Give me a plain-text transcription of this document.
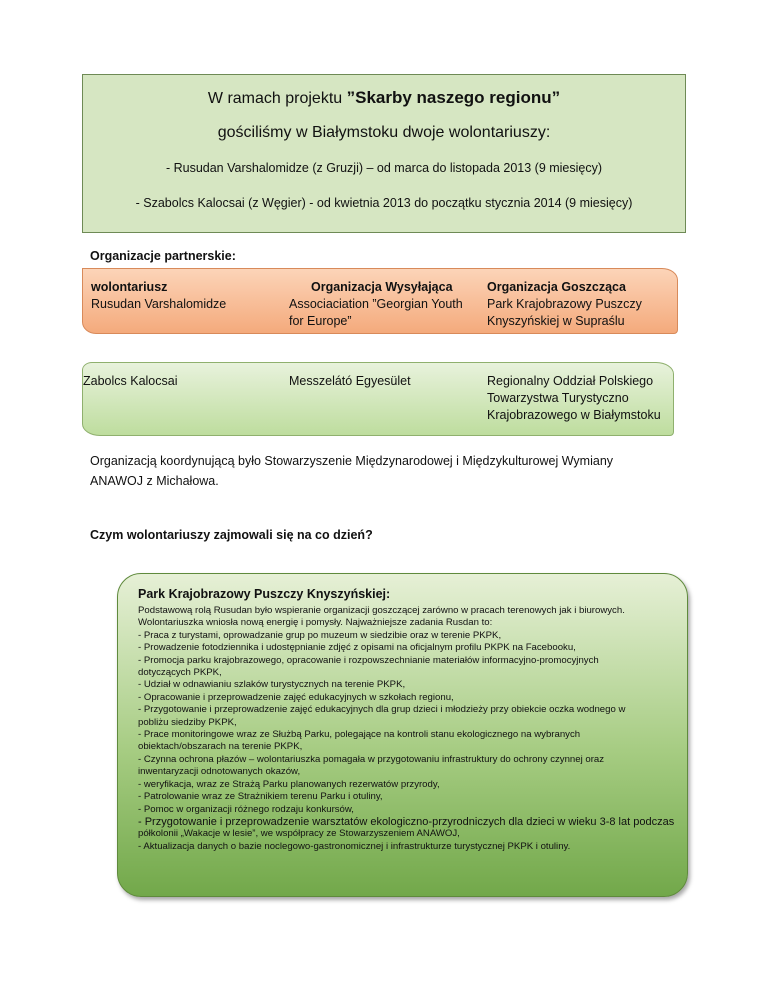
W ramach projektu ”Skarby naszego regionu”
gościliśmy w Białymstoku dwoje wolontariuszy:
- Rusudan Varshalomidze (z Gruzji) – od marca do listopada 2013 (9 miesięcy)
- Szabolcs Kalocsai (z Węgier) - od kwietnia 2013 do początku stycznia 2014 (9 miesięcy)
Organizacje partnerskie:
wolontariusz
Rusudan Varshalomidze
Organizacja Wysyłająca
Associaciation ”Georgian Youth
for Europe”
Organizacja Goszcząca
Park Krajobrazowy Puszczy
Knyszyńskiej w Supraślu
Zabolcs Kalocsai	Messzelátó Egyesület	Regionalny Oddział Polskiego
Towarzystwa Turystyczno
Krajobrazowego w Białymstoku
Organizacją koordynującą było Stowarzyszenie Międzynarodowej i Międzykulturowej Wymiany
ANAWOJ z Michałowa.
Czym wolontariuszy zajmowali się na co dzień?
Park Krajobrazowy Puszczy Knyszyńskiej:
Podstawową rolą Rusudan było wspieranie organizacji goszczącej zarówno w pracach terenowych jak i biurowych.
Wolontariuszka wniosła nową energię i pomysły. Najważniejsze zadania Rusdan to:
- Praca z turystami, oprowadzanie grup po muzeum w siedzibie oraz w terenie PKPK,
- Prowadzenie fotodziennika i udostępnianie zdjęć z opisami na oficjalnym profilu PKPK na Facebooku,
- Promocja parku krajobrazowego, opracowanie i rozpowszechnianie materiałów informacyjno-promocyjnych
dotyczących PKPK,
- Udział w odnawianiu szlaków turystycznych na terenie PKPK,
- Opracowanie i przeprowadzenie zajęć edukacyjnych w szkołach regionu,
- Przygotowanie i przeprowadzenie zajęć edukacyjnych dla grup dzieci i młodzieży przy obiekcie oczka wodnego w
pobliżu siedziby PKPK,
- Prace monitoringowe wraz ze Służbą Parku, polegające na kontroli stanu ekologicznego na wybranych
obiektach/obszarach na terenie PKPK,
- Czynna ochrona płazów – wolontariuszka pomagała w przygotowaniu infrastruktury do ochrony czynnej oraz
inwentaryzacji odnotowanych okazów,
- weryfikacja, wraz ze Strażą Parku planowanych rezerwatów przyrody,
- Patrolowanie wraz ze Strażnikiem terenu Parku i otuliny,
- Pomoc w organizacji różnego rodzaju konkursów,
- Przygotowanie i przeprowadzenie warsztatów ekologiczno-przyrodniczych dla dzieci w wieku 3-8 lat podczas
półkolonii „Wakacje w lesie”, we współpracy ze Stowarzyszeniem ANAWOJ,
- Aktualizacja danych o bazie noclegowo-gastronomicznej i infrastrukturze turystycznej PKPK i otuliny.
